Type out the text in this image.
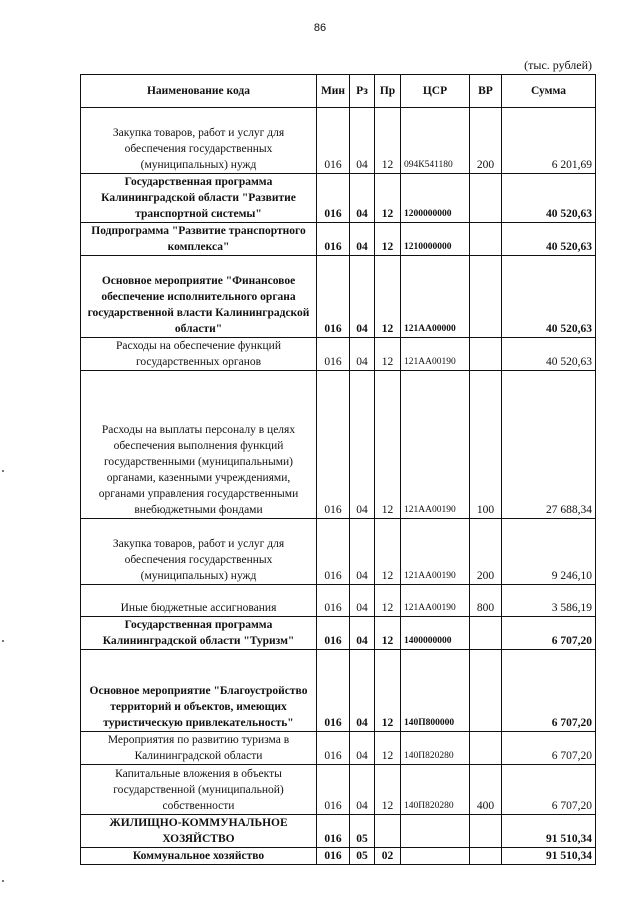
86
(тыс. рублей)
Наименование кода	Мин	Рз	Пр	ЦСР	ВР	Сумма
Закупка товаров, работ и услуг для обеспечения государственных (муниципальных) нужд	016	04	12	094К541180	200	6 201,69
Государственная программа Калининградской области "Развитие транспортной системы"	016	04	12	1200000000		40 520,63
Подпрограмма "Развитие транспортного комплекса"	016	04	12	1210000000		40 520,63
Основное мероприятие "Финансовое обеспечение исполнительного органа государственной власти Калининградской области"	016	04	12	121АА00000		40 520,63
Расходы на обеспечение функций государственных органов	016	04	12	121АА00190		40 520,63
Расходы на выплаты персоналу в целях обеспечения выполнения функций государственными (муниципальными) органами, казенными учреждениями, органами управления государственными внебюджетными фондами	016	04	12	121АА00190	100	27 688,34
Закупка товаров, работ и услуг для обеспечения государственных (муниципальных) нужд	016	04	12	121АА00190	200	9 246,10
Иные бюджетные ассигнования	016	04	12	121АА00190	800	3 586,19
Государственная программа Калининградской области "Туризм"	016	04	12	1400000000		6 707,20
Основное мероприятие "Благоустройство территорий и объектов, имеющих туристическую привлекательность"	016	04	12	140П800000		6 707,20
Мероприятия по развитию туризма в Калининградской области	016	04	12	140П820280		6 707,20
Капитальные вложения в объекты государственной (муниципальной) собственности	016	04	12	140П820280	400	6 707,20
ЖИЛИЩНО-КОММУНАЛЬНОЕ ХОЗЯЙСТВО	016	05				91 510,34
Коммунальное хозяйство	016	05	02			91 510,34
